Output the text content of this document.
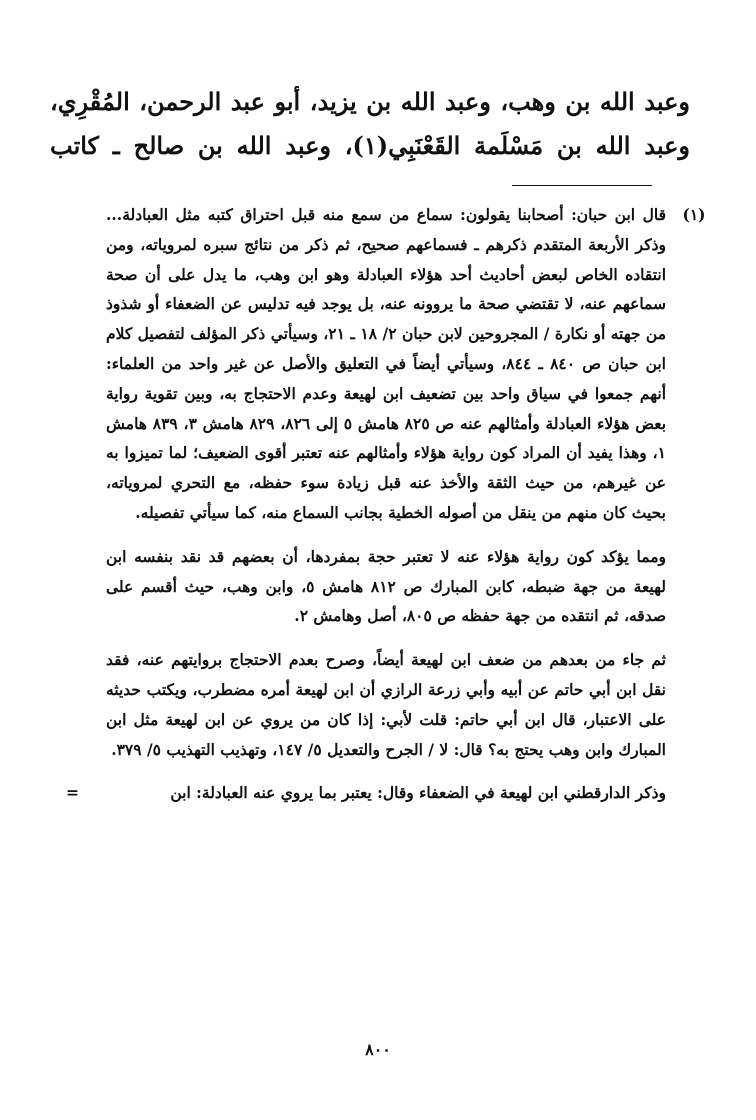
وعبد الله بن وهب، وعبد الله بن يزيد، أبو عبد الرحمن، المُقْرِي،

وعبد الله بن مَسْلَمة القَعْنَبِي(١)، وعبد الله بن صالح ـ كاتب

(١)
قال ابن حبان: أصحابنا يقولون: سماع من سمع منه قبل احتراق كتبه مثل العبادلة... وذكر الأربعة المتقدم ذكرهم ـ فسماعهم صحيح، ثم ذكر من نتائج سبره لمروياته، ومن انتقاده الخاص لبعض أحاديث أحد هؤلاء العبادلة وهو ابن وهب، ما يدل على أن صحة سماعهم عنه، لا تقتضي صحة ما يروونه عنه، بل يوجد فيه تدليس عن الضعفاء أو شذوذ من جهته أو نكارة / المجروحين لابن حبان ٢/ ١٨ ـ ٢١، وسيأتي ذكر المؤلف لتفصيل كلام ابن حبان ص ٨٤٠ ـ ٨٤٤، وسيأتي أيضاً في التعليق والأصل عن غير واحد من العلماء: أنهم جمعوا في سياق واحد بين تضعيف ابن لهيعة وعدم الاحتجاج به، وبين تقوية رواية بعض هؤلاء العبادلة وأمثالهم عنه ص ٨٢٥ هامش ٥ إلى ٨٢٦، ٨٢٩ هامش ٣، ٨٣٩ هامش ١، وهذا يفيد أن المراد كون رواية هؤلاء وأمثالهم عنه تعتبر أقوى الضعيف؛ لما تميزوا به عن غيرهم، من حيث الثقة والأخذ عنه قبل زيادة سوء حفظه، مع التحري لمروياته، بحيث كان منهم من ينقل من أصوله الخطية بجانب السماع منه، كما سيأتي تفصيله.

ومما يؤكد كون رواية هؤلاء عنه لا تعتبر حجة بمفردها، أن بعضهم قد نقد بنفسه ابن لهيعة من جهة ضبطه، كابن المبارك ص ٨١٢ هامش ٥، وابن وهب، حيث أقسم على صدقه، ثم انتقده من جهة حفظه ص ٨٠٥، أصل وهامش ٢.

ثم جاء من بعدهم من ضعف ابن لهيعة أيضاً، وصرح بعدم الاحتجاج بروايتهم عنه، فقد نقل ابن أبي حاتم عن أبيه وأبي زرعة الرازي أن ابن لهيعة أمره مضطرب، ويكتب حديثه على الاعتبار، قال ابن أبي حاتم: قلت لأبي: إذا كان من يروي عن ابن لهيعة مثل ابن المبارك وابن وهب يحتج به؟ قال: لا / الجرح والتعديل ٥/ ١٤٧، وتهذيب التهذيب ٥/ ٣٧٩.

وذكر الدارقطني ابن لهيعة في الضعفاء وقال: يعتبر بما يروي عنه العبادلة: ابن
=
٨٠٠
